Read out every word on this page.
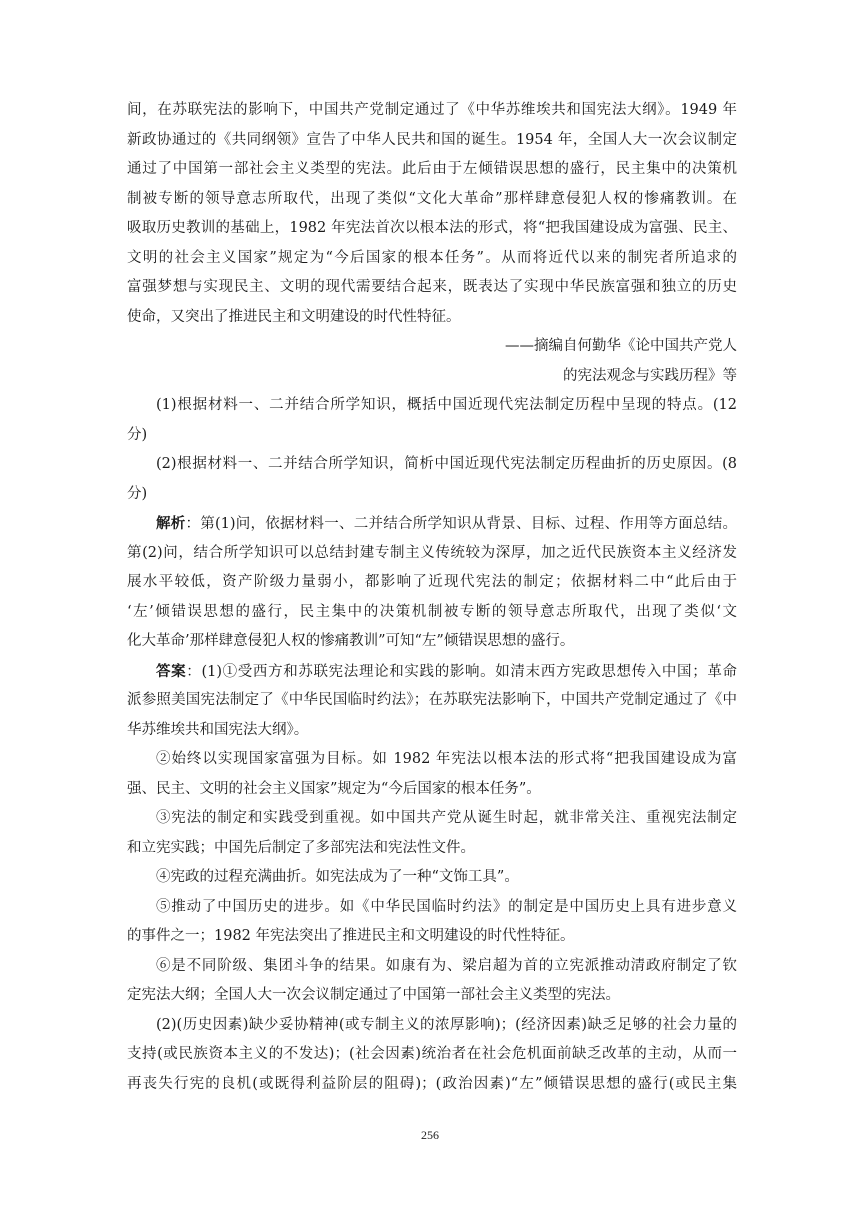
间，在苏联宪法的影响下，中国共产党制定通过了《中华苏维埃共和国宪法大纲》。1949 年
新政协通过的《共同纲领》宣告了中华人民共和国的诞生。1954 年，全国人大一次会议制定
通过了中国第一部社会主义类型的宪法。此后由于左倾错误思想的盛行，民主集中的决策机
制被专断的领导意志所取代，出现了类似“文化大革命”那样肆意侵犯人权的惨痛教训。在
吸取历史教训的基础上，1982 年宪法首次以根本法的形式，将“把我国建设成为富强、民主、
文明的社会主义国家”规定为“今后国家的根本任务”。从而将近代以来的制宪者所追求的
富强梦想与实现民主、文明的现代需要结合起来，既表达了实现中华民族富强和独立的历史
使命，又突出了推进民主和文明建设的时代性特征。
——摘编自何勤华《论中国共产党人
的宪法观念与实践历程》等
(1)根据材料一、二并结合所学知识，概括中国近现代宪法制定历程中呈现的特点。(12
分)
(2)根据材料一、二并结合所学知识，简析中国近现代宪法制定历程曲折的历史原因。(8
分)
解析：第(1)问，依据材料一、二并结合所学知识从背景、目标、过程、作用等方面总结。
第(2)问，结合所学知识可以总结封建专制主义传统较为深厚，加之近代民族资本主义经济发
展水平较低，资产阶级力量弱小，都影响了近现代宪法的制定；依据材料二中“此后由于
‘左’倾错误思想的盛行，民主集中的决策机制被专断的领导意志所取代，出现了类似‘文
化大革命’那样肆意侵犯人权的惨痛教训”可知“左”倾错误思想的盛行。
答案：(1)①受西方和苏联宪法理论和实践的影响。如清末西方宪政思想传入中国；革命
派参照美国宪法制定了《中华民国临时约法》；在苏联宪法影响下，中国共产党制定通过了《中
华苏维埃共和国宪法大纲》。
②始终以实现国家富强为目标。如 1982 年宪法以根本法的形式将“把我国建设成为富
强、民主、文明的社会主义国家”规定为“今后国家的根本任务”。
③宪法的制定和实践受到重视。如中国共产党从诞生时起，就非常关注、重视宪法制定
和立宪实践；中国先后制定了多部宪法和宪法性文件。
④宪政的过程充满曲折。如宪法成为了一种“文饰工具”。
⑤推动了中国历史的进步。如《中华民国临时约法》的制定是中国历史上具有进步意义
的事件之一；1982 年宪法突出了推进民主和文明建设的时代性特征。
⑥是不同阶级、集团斗争的结果。如康有为、梁启超为首的立宪派推动清政府制定了钦
定宪法大纲；全国人大一次会议制定通过了中国第一部社会主义类型的宪法。
(2)(历史因素)缺少妥协精神(或专制主义的浓厚影响)；(经济因素)缺乏足够的社会力量的
支持(或民族资本主义的不发达)；(社会因素)统治者在社会危机面前缺乏改革的主动，从而一
再丧失行宪的良机(或既得利益阶层的阻碍)；(政治因素)“左”倾错误思想的盛行(或民主集
256
